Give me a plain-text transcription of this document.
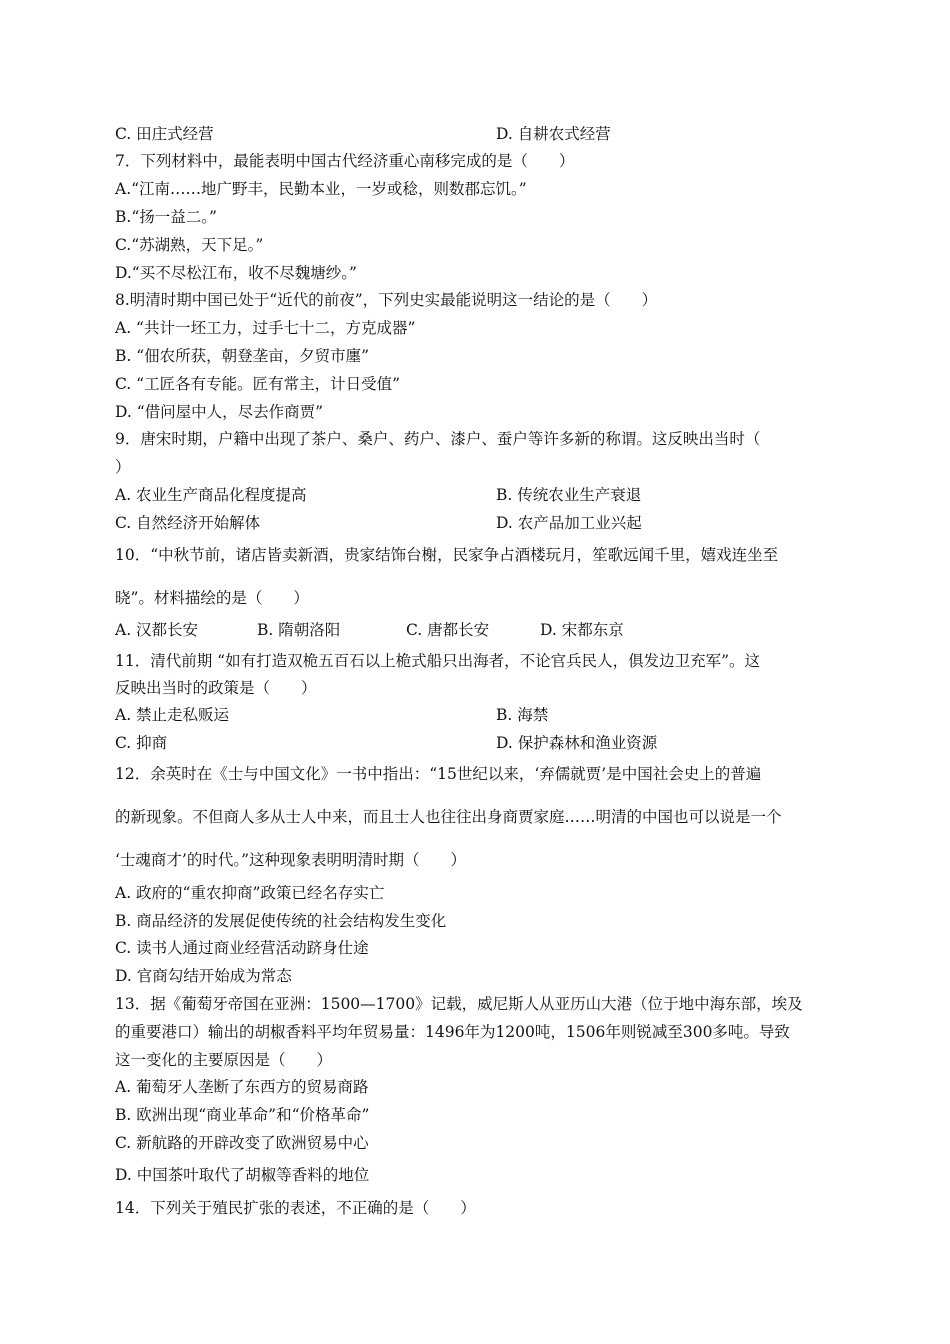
C. 田庄式经营	D. 自耕农式经营
7．下列材料中，最能表明中国古代经济重心南移完成的是（　　）
A.“江南……地广野丰，民勤本业，一岁或稔，则数郡忘饥。”
B.“扬一益二。”
C.“苏湖熟，天下足。”
D.“买不尽松江布，收不尽魏塘纱。”
8.明清时期中国已处于“近代的前夜”，下列史实最能说明这一结论的是（　　）
A. “共计一坯工力，过手七十二，方克成器”
B. “佃农所获，朝登垄亩，夕贸市廛”
C. “工匠各有专能。匠有常主，计日受值”
D. “借问屋中人，尽去作商贾”
9．唐宋时期，户籍中出现了茶户、桑户、药户、漆户、蚕户等许多新的称谓。这反映出当时（
）
A. 农业生产商品化程度提高	B. 传统农业生产衰退
C. 自然经济开始解体	D. 农产品加工业兴起
10．“中秋节前，诸店皆卖新酒，贵家结饰台榭，民家争占酒楼玩月，笙歌远闻千里，嬉戏连坐至
晓”。材料描绘的是（　　）
A. 汉都长安	B. 隋朝洛阳	C. 唐都长安	D. 宋都东京
11．清代前期 “如有打造双桅五百石以上桅式船只出海者，不论官兵民人，俱发边卫充军”。这
反映出当时的政策是（　　）
A. 禁止走私贩运	B. 海禁
C. 抑商	D. 保护森林和渔业资源
12．余英时在《士与中国文化》一书中指出：“15世纪以来，‘弃儒就贾’是中国社会史上的普遍
的新现象。不但商人多从士人中来，而且士人也往往出身商贾家庭……明清的中国也可以说是一个
‘士魂商才’的时代。”这种现象表明明清时期（　　）
A. 政府的“重农抑商”政策已经名存实亡
B. 商品经济的发展促使传统的社会结构发生变化
C. 读书人通过商业经营活动跻身仕途
D. 官商勾结开始成为常态
13．据《葡萄牙帝国在亚洲：1500—1700》记载，威尼斯人从亚历山大港（位于地中海东部，埃及
的重要港口）输出的胡椒香料平均年贸易量：1496年为1200吨，1506年则锐减至300多吨。导致
这一变化的主要原因是（　　）
A. 葡萄牙人垄断了东西方的贸易商路
B. 欧洲出现“商业革命”和“价格革命”
C. 新航路的开辟改变了欧洲贸易中心
D. 中国茶叶取代了胡椒等香料的地位
14．下列关于殖民扩张的表述，不正确的是（　　）
